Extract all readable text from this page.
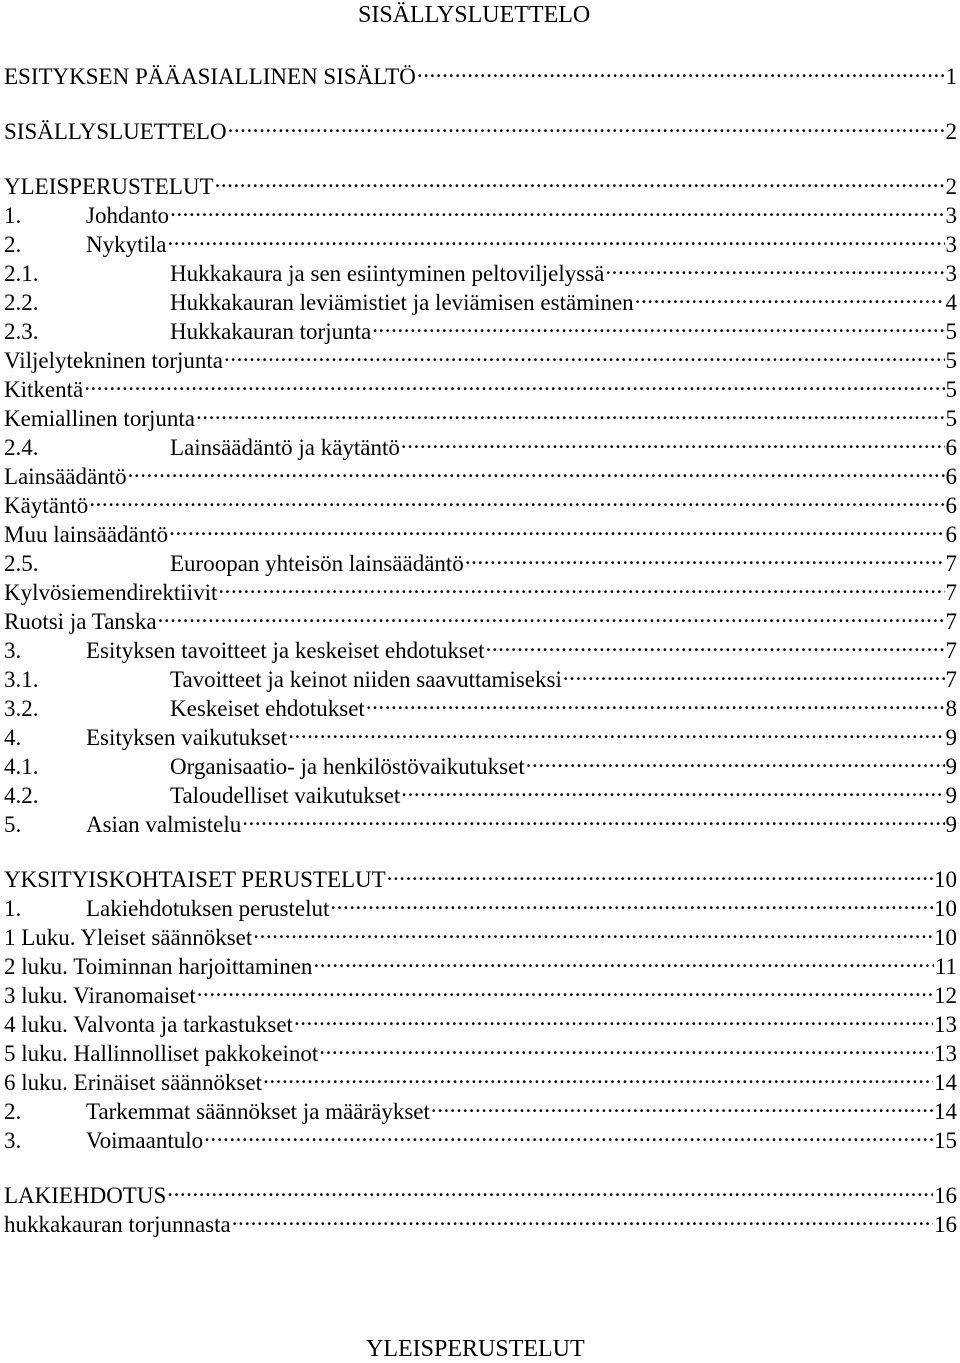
SISÄLLYSLUETTELO
ESITYKSEN PÄÄASIALLINEN SISÄLTÖ . . .	1
SISÄLLYSLUETTELO . . .	2
YLEISPERUSTELUT . . .	2
1.	Johdanto . . .	3
2.	Nykytila . . .	3
2.1.	Hukkakaura ja sen esiintyminen peltoviljelyssä . . .	3
2.2.	Hukkakauran leviämistiet ja leviämisen estäminen . . .	4
2.3.	Hukkakauran torjunta . . .	5
Viljelytekninen torjunta . . .	5
Kitkentä . . .	5
Kemiallinen torjunta . . .	5
2.4.	Lainsäädäntö ja käytäntö . . .	6
Lainsäädäntö . . .	6
Käytäntö . . .	6
Muu lainsäädäntö . . .	6
2.5.	Euroopan yhteisön lainsäädäntö . . .	7
Kylvösiemendirektiivit . . .	7
Ruotsi ja Tanska . . .	7
3.	Esityksen tavoitteet ja keskeiset ehdotukset . . .	7
3.1.	Tavoitteet ja keinot niiden saavuttamiseksi . . .	7
3.2.	Keskeiset ehdotukset . . .	8
4.	Esityksen vaikutukset . . .	9
4.1.	Organisaatio- ja henkilöstövaikutukset . . .	9
4.2.	Taloudelliset vaikutukset . . .	9
5.	Asian valmistelu . . .	9
YKSITYISKOHTAISET PERUSTELUT . . .	10
1.	Lakiehdotuksen perustelut . . .	10
1 Luku. Yleiset säännökset . . .	10
2 luku. Toiminnan harjoittaminen . . .	11
3 luku. Viranomaiset . . .	12
4 luku. Valvonta ja tarkastukset . . .	13
5 luku. Hallinnolliset pakkokeinot . . .	13
6 luku. Erinäiset säännökset . . .	14
2.	Tarkemmat säännökset ja määräykset . . .	14
3.	Voimaantulo . . .	15
LAKIEHDOTUS . . .	16
hukkakauran torjunnasta . . .	16
YLEISPERUSTELUT
